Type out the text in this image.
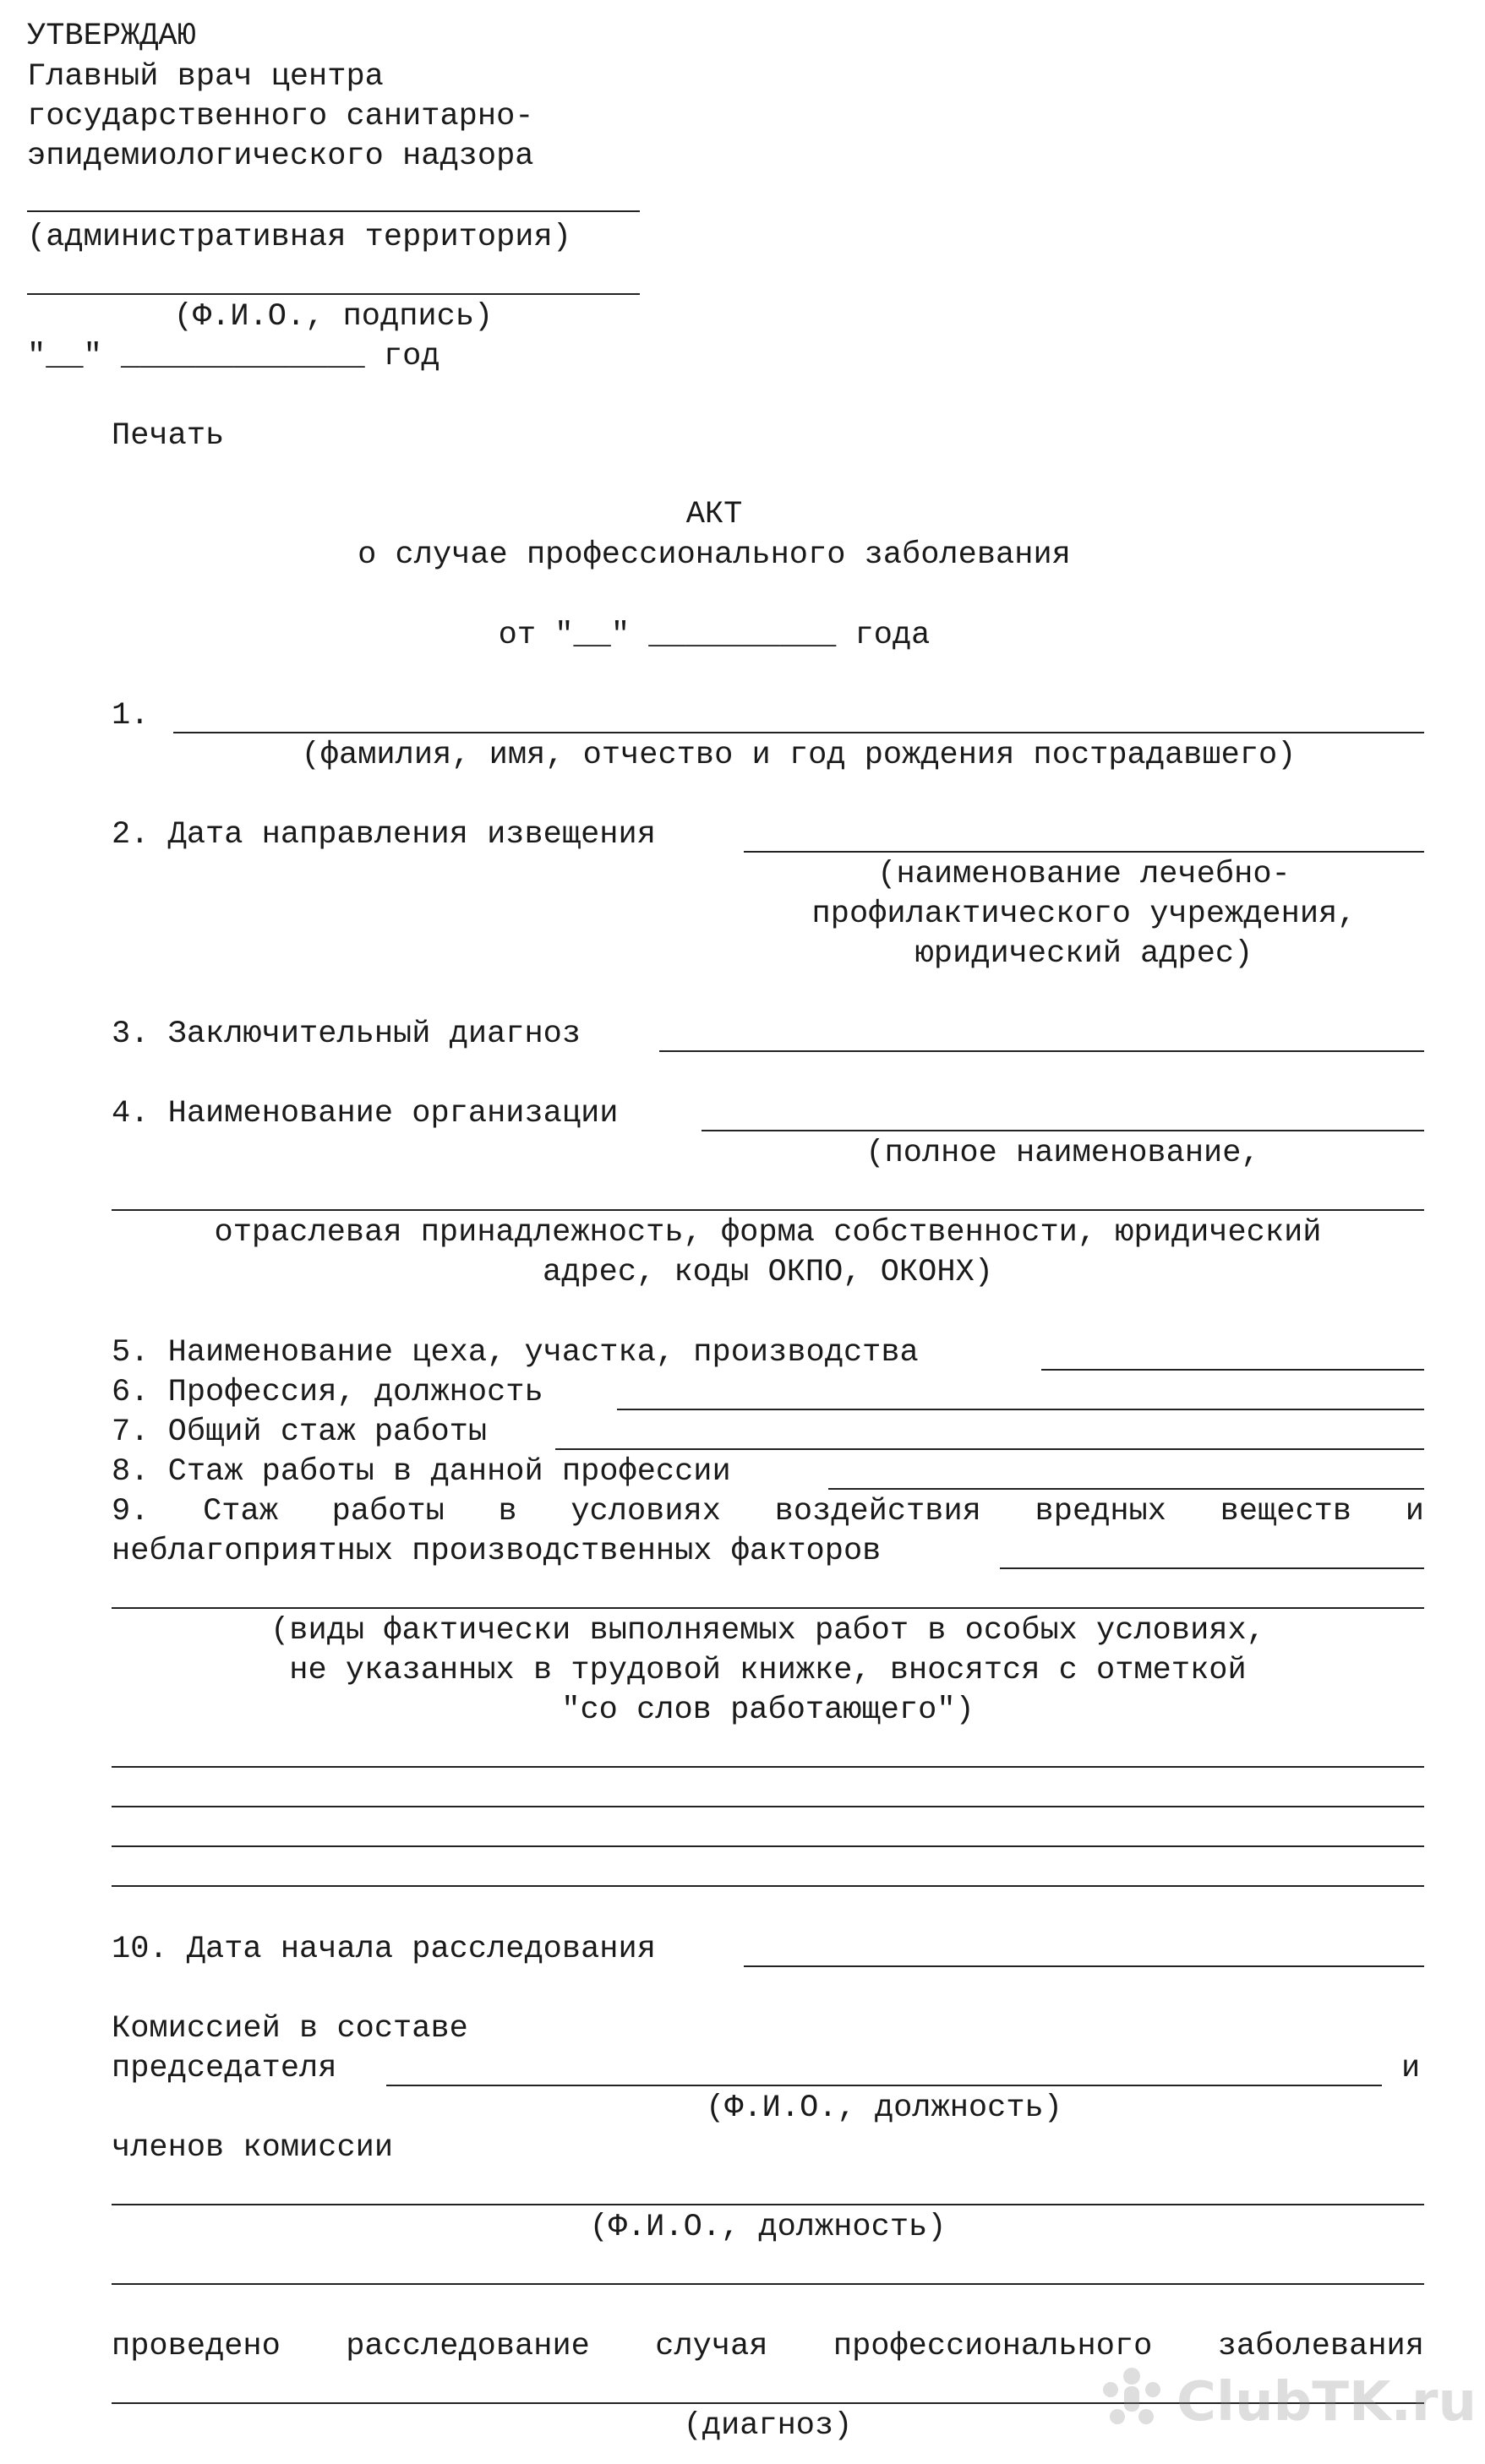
УТВЕРЖДАЮ
Главный врач центра
государственного санитарно-
эпидемиологического надзора
(административная территория)
(Ф.И.О., подпись)
"__" _____________ год
Печать
АКТ
о случае профессионального заболевания
от "__" __________ года
1.
(фамилия, имя, отчество и год рождения пострадавшего)
2. Дата направления извещения
(наименование лечебно-
профилактического учреждения,
юридический адрес)
3. Заключительный диагноз
4. Наименование организации
(полное наименование,
отраслевая принадлежность, форма собственности, юридический
адрес, коды ОКПО, ОКОНХ)
5. Наименование цеха, участка, производства
6. Профессия, должность
7. Общий стаж работы
8. Стаж работы в данной профессии
9. Стаж работы в условиях воздействия вредных веществ и
неблагоприятных производственных факторов
(виды фактически выполняемых работ в особых условиях,
не указанных в трудовой книжке, вносятся с отметкой
"со слов работающего")
10. Дата начала расследования
Комиссией в составе
председателя	и
(Ф.И.О., должность)
членов комиссии
(Ф.И.О., должность)
проведено расследование случая профессионального заболевания
(диагноз)	ClubTK.ru
